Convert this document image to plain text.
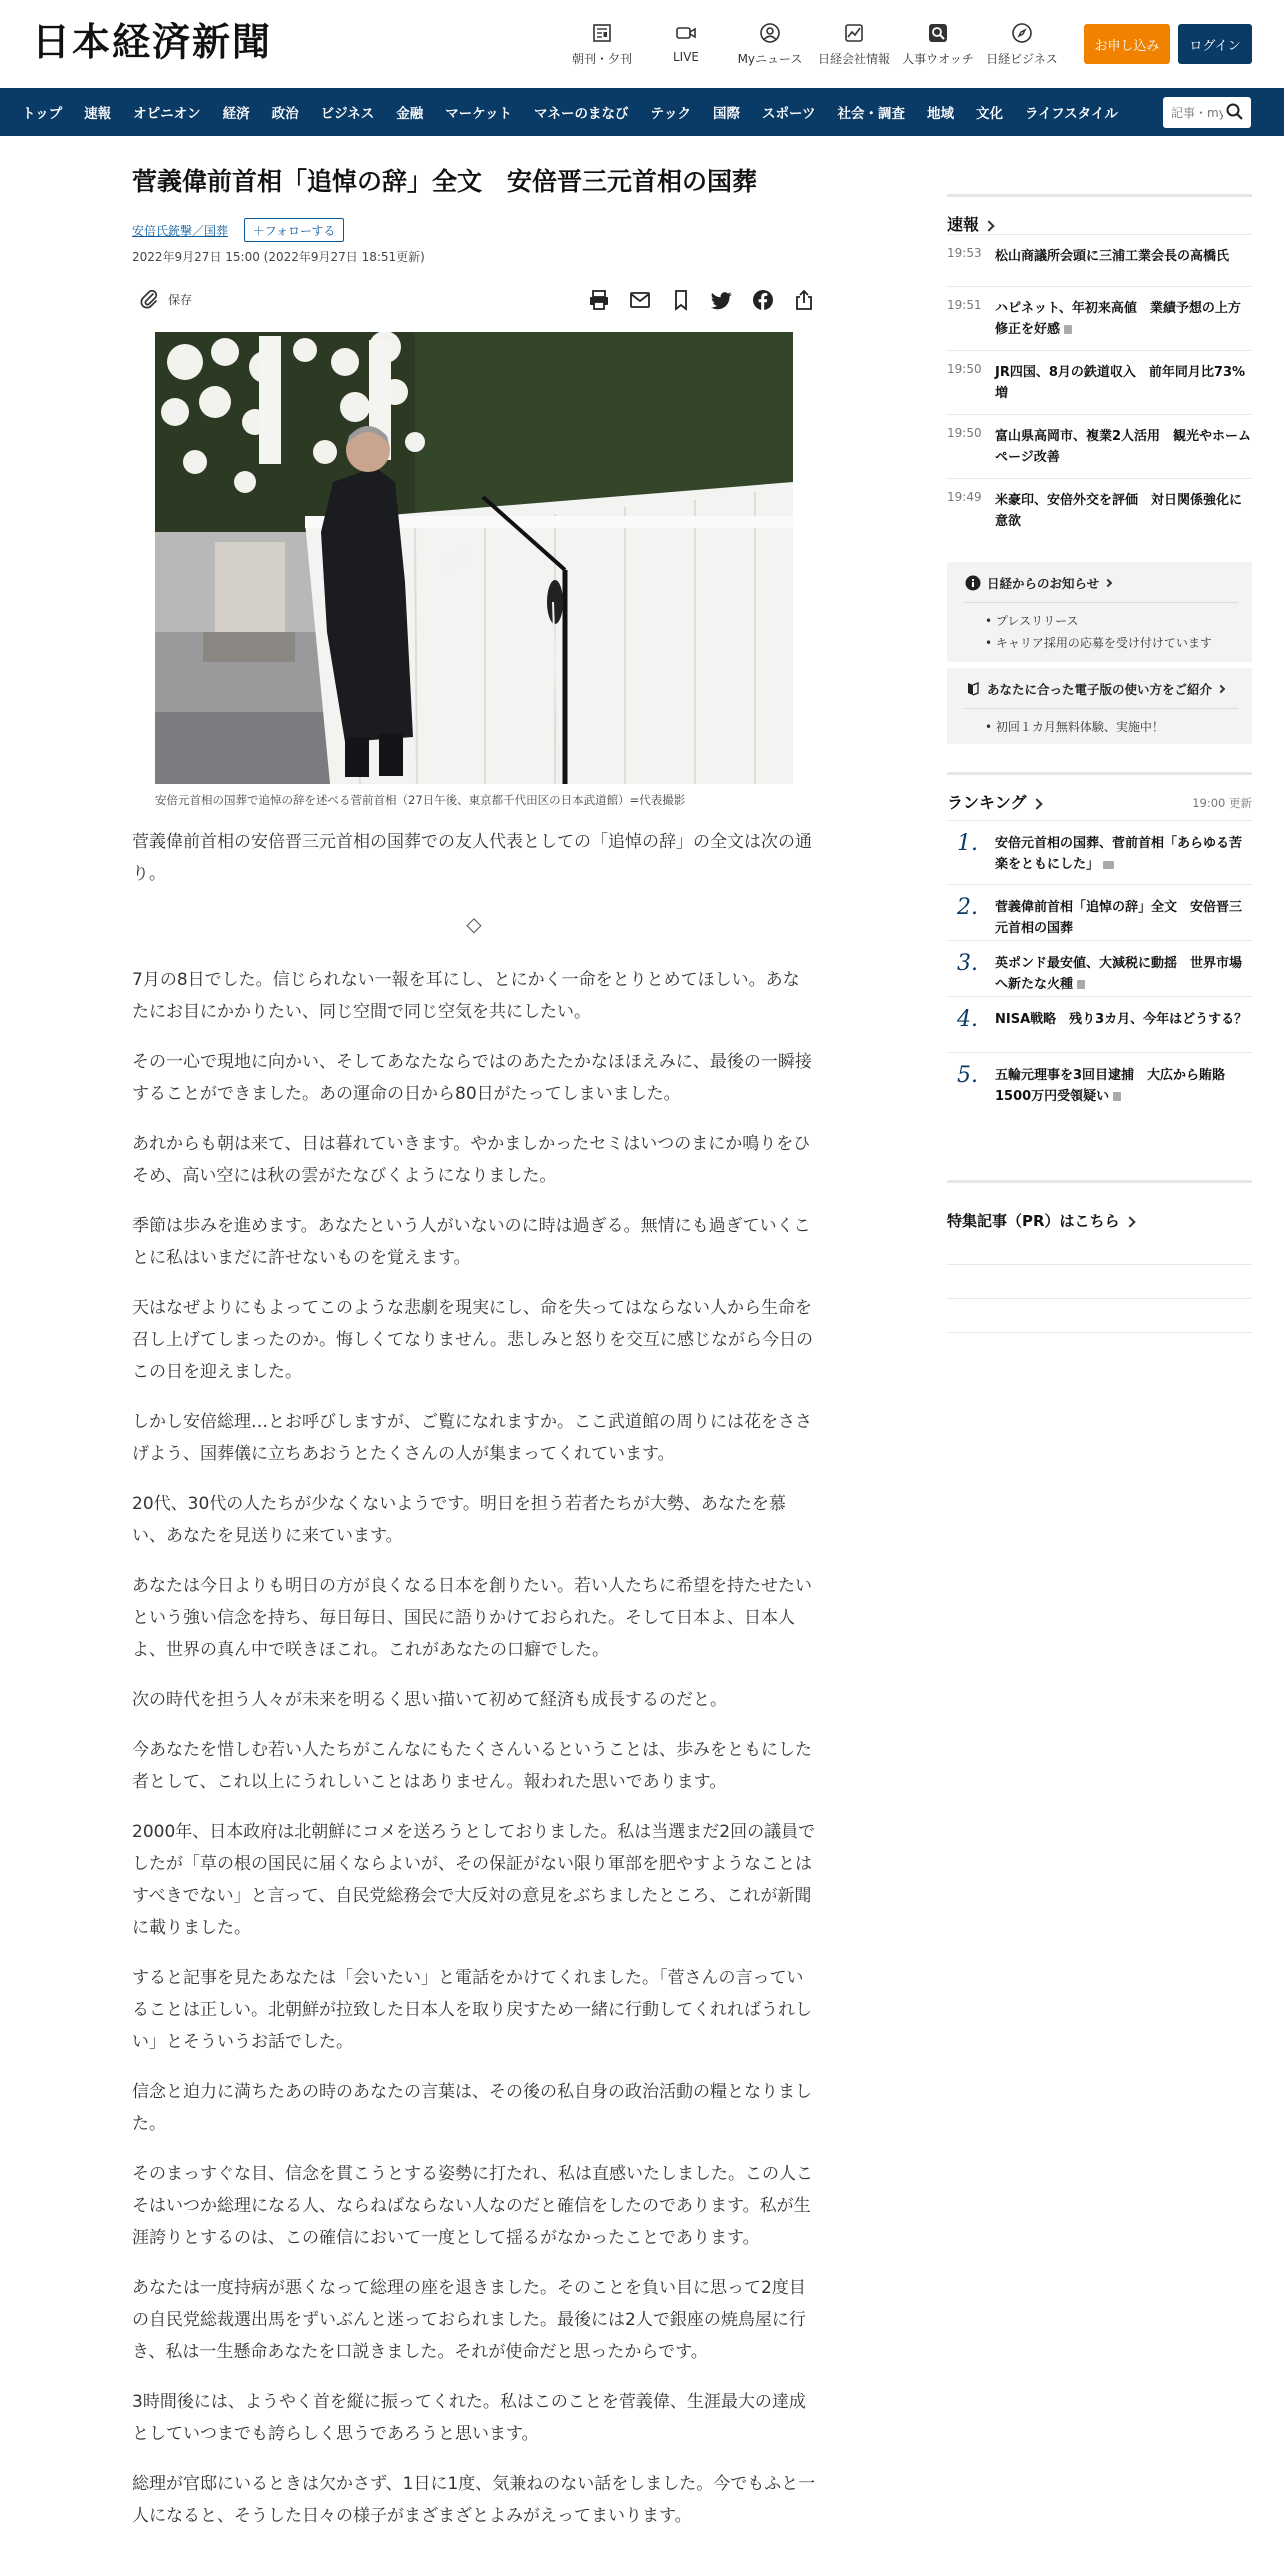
日本経済新聞	朝刊・夕刊	LIVE	Myニュース	日経会社情報	人事ウオッチ	日経ビジネス
お申し込み	ログイン
トップ 速報 オピニオン 経済 政治 ビジネス 金融 マーケット マネーのまなび テック 国際 スポーツ 社会・調査 地域 文化 ライフスタイル
記事・myニュース
菅義偉前首相「追悼の辞」全文　安倍晋三元首相の国葬
安倍氏銃撃／国葬	＋フォローする
2022年9月27日 15:00 (2022年9月27日 18:51更新)
保存
安倍元首相の国葬で追悼の辞を述べる菅前首相（27日午後、東京都千代田区の日本武道館）=代表撮影

菅義偉前首相の安倍晋三元首相の国葬での友人代表としての「追悼の辞」の全文は次の通り。

◇

7月の8日でした。信じられない一報を耳にし、とにかく一命をとりとめてほしい。あなたにお目にかかりたい、同じ空間で同じ空気を共にしたい。

その一心で現地に向かい、そしてあなたならではのあたたかなほほえみに、最後の一瞬接することができました。あの運命の日から80日がたってしまいました。

あれからも朝は来て、日は暮れていきます。やかましかったセミはいつのまにか鳴りをひそめ、高い空には秋の雲がたなびくようになりました。

季節は歩みを進めます。あなたという人がいないのに時は過ぎる。無情にも過ぎていくことに私はいまだに許せないものを覚えます。

天はなぜよりにもよってこのような悲劇を現実にし、命を失ってはならない人から生命を召し上げてしまったのか。悔しくてなりません。悲しみと怒りを交互に感じながら今日のこの日を迎えました。

しかし安倍総理…とお呼びしますが、ご覧になれますか。ここ武道館の周りには花をささげよう、国葬儀に立ちあおうとたくさんの人が集まってくれています。

20代、30代の人たちが少なくないようです。明日を担う若者たちが大勢、あなたを慕い、あなたを見送りに来ています。

あなたは今日よりも明日の方が良くなる日本を創りたい。若い人たちに希望を持たせたいという強い信念を持ち、毎日毎日、国民に語りかけておられた。そして日本よ、日本人よ、世界の真ん中で咲きほこれ。これがあなたの口癖でした。

次の時代を担う人々が未来を明るく思い描いて初めて経済も成長するのだと。

今あなたを惜しむ若い人たちがこんなにもたくさんいるということは、歩みをともにした者として、これ以上にうれしいことはありません。報われた思いであります。

2000年、日本政府は北朝鮮にコメを送ろうとしておりました。私は当選まだ2回の議員でしたが「草の根の国民に届くならよいが、その保証がない限り軍部を肥やすようなことはすべきでない」と言って、自民党総務会で大反対の意見をぶちましたところ、これが新聞に載りました。

すると記事を見たあなたは「会いたい」と電話をかけてくれました。「菅さんの言っていることは正しい。北朝鮮が拉致した日本人を取り戻すため一緒に行動してくれればうれしい」とそういうお話でした。

信念と迫力に満ちたあの時のあなたの言葉は、その後の私自身の政治活動の糧となりました。

そのまっすぐな目、信念を貫こうとする姿勢に打たれ、私は直感いたしました。この人こそはいつか総理になる人、ならねばならない人なのだと確信をしたのであります。私が生涯誇りとするのは、この確信において一度として揺るがなかったことであります。

あなたは一度持病が悪くなって総理の座を退きました。そのことを負い目に思って2度目の自民党総裁選出馬をずいぶんと迷っておられました。最後には2人で銀座の焼鳥屋に行き、私は一生懸命あなたを口説きました。それが使命だと思ったからです。

3時間後には、ようやく首を縦に振ってくれた。私はこのことを菅義偉、生涯最大の達成としていつまでも誇らしく思うであろうと思います。

総理が官邸にいるときは欠かさず、1日に1度、気兼ねのない話をしました。今でもふと一人になると、そうした日々の様子がまざまざとよみがえってまいります。

速報
19:53 松山商議所会頭に三浦工業会長の高橋氏
19:51 ハピネット、年初来高値　業績予想の上方修正を好感
19:50 JR四国、8月の鉄道収入　前年同月比73%増
19:50 富山県高岡市、複業2人活用　観光やホームページ改善
19:49 米豪印、安倍外交を評価　対日関係強化に意欲
日経からのお知らせ
• プレスリリース
• キャリア採用の応募を受け付けています
あなたに合った電子版の使い方をご紹介
• 初回１カ月無料体験、実施中！
ランキング	19:00 更新
1. 安倍元首相の国葬、菅前首相「あらゆる苦楽をともにした」
2. 菅義偉前首相「追悼の辞」全文　安倍晋三元首相の国葬
3. 英ポンド最安値、大減税に動揺　世界市場へ新たな火種
4. NISA戦略　残り3カ月、今年はどうする？
5. 五輪元理事を3回目逮捕　大広から賄賂1500万円受領疑い
特集記事（PR）はこちら
